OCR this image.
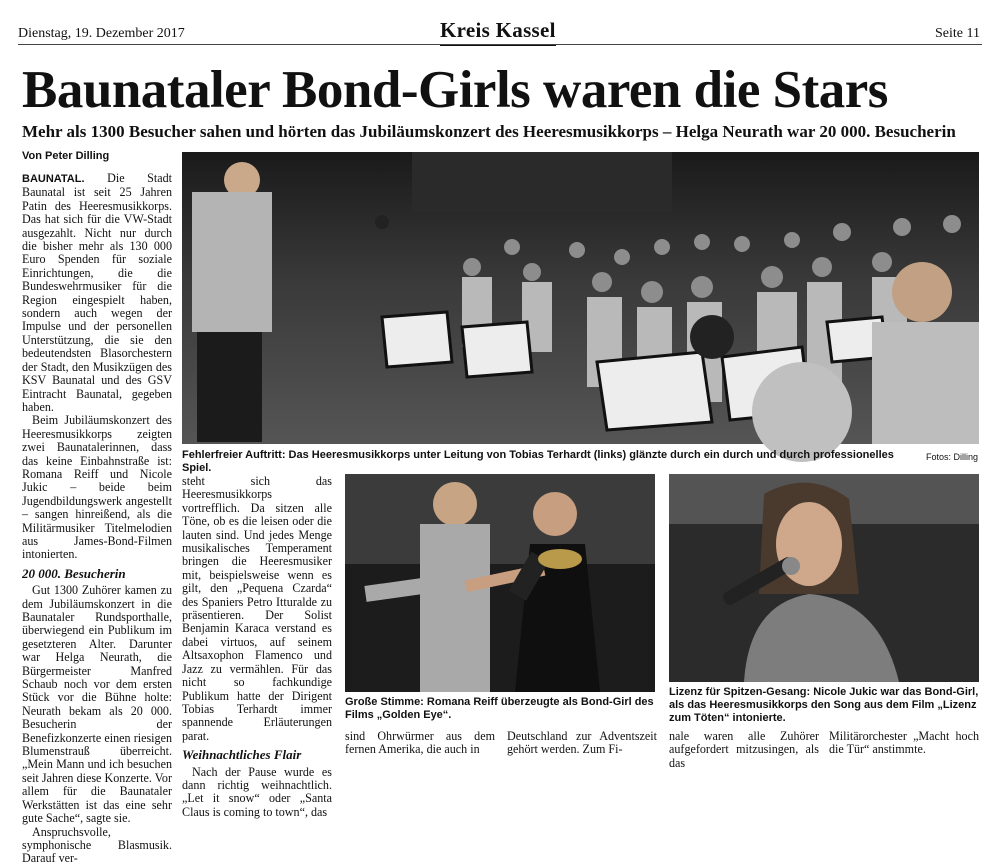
Dienstag, 19. Dezember 2017	Kreis Kassel	Seite 11
Baunataler Bond-Girls waren die Stars
Mehr als 1300 Besucher sahen und hörten das Jubiläumskonzert des Heeresmusikkorps – Helga Neurath war 20 000. Besucherin
Von Peter Dilling

BAUNATAL. Die Stadt Baunatal ist seit 25 Jahren Patin des Heeresmusikkorps. Das hat sich für die VW-Stadt ausgezahlt. Nicht nur durch die bisher mehr als 130 000 Euro Spenden für soziale Einrichtungen, die die Bundeswehrmusiker für die Region eingespielt haben, sondern auch wegen der Impulse und der personellen Unterstützung, die sie den bedeutendsten Blasorchestern der Stadt, den Musikzügen des KSV Baunatal und des GSV Eintracht Baunatal, gegeben haben.

Beim Jubiläumskonzert des Heeresmusikkorps zeigten zwei Baunatalerinnen, dass das keine Einbahnstraße ist: Romana Reiff und Nicole Jukic – beide beim Jugendbildungswerk angestellt – sangen hinreißend, als die Militärmusiker Titelmelodien aus James-Bond-Filmen intonierten.

20 000. Besucherin

Gut 1300 Zuhörer kamen zu dem Jubiläumskonzert in die Baunataler Rundsporthalle, überwiegend ein Publikum im gesetzteren Alter. Darunter war Helga Neurath, die Bürgermeister Manfred Schaub noch vor dem ersten Stück vor die Bühne holte: Neurath bekam als 20 000. Besucherin der Benefizkonzerte einen riesigen Blumenstrauß überreicht. „Mein Mann und ich besuchen seit Jahren diese Konzerte. Vor allem für die Baunataler Werkstätten ist das eine sehr gute Sache“, sagte sie.

Anspruchsvolle, symphonische Blasmusik. Darauf ver-

Fehlerfreier Auftritt: Das Heeresmusikkorps unter Leitung von Tobias Terhardt (links) glänzte durch ein durch und durch professionelles Spiel.
Fotos: Dilling

steht sich das Heeresmusikkorps vortrefflich. Da sitzen alle Töne, ob es die leisen oder die lauten sind. Und jedes Menge musikalisches Temperament bringen die Heeresmusiker mit, beispielsweise wenn es gilt, den „Pequena Czarda“ des Spaniers Petro Itturalde zu präsentieren. Der Solist Benjamin Karaca verstand es dabei virtuos, auf seinem Altsaxophon Flamenco und Jazz zu vermählen. Für das nicht so fachkundige Publikum hatte der Dirigent Tobias Terhardt immer spannende Erläuterungen parat.

Weihnachtliches Flair

Nach der Pause wurde es dann richtig weihnachtlich. „Let it snow“ oder „Santa Claus is coming to town“, das

Große Stimme: Romana Reiff überzeugte als Bond-Girl des Films „Golden Eye“.
Lizenz für Spitzen-Gesang: Nicole Jukic war das Bond-Girl, als das Heeresmusikkorps den Song aus dem Film „Lizenz zum Töten“ intonierte.
sind Ohrwürmer aus dem fernen Amerika, die auch in
Deutschland zur Adventszeit gehört werden. Zum Fi-
nale waren alle Zuhörer aufgefordert mitzusingen, als das
Militärorchester „Macht hoch die Tür“ anstimmte.
